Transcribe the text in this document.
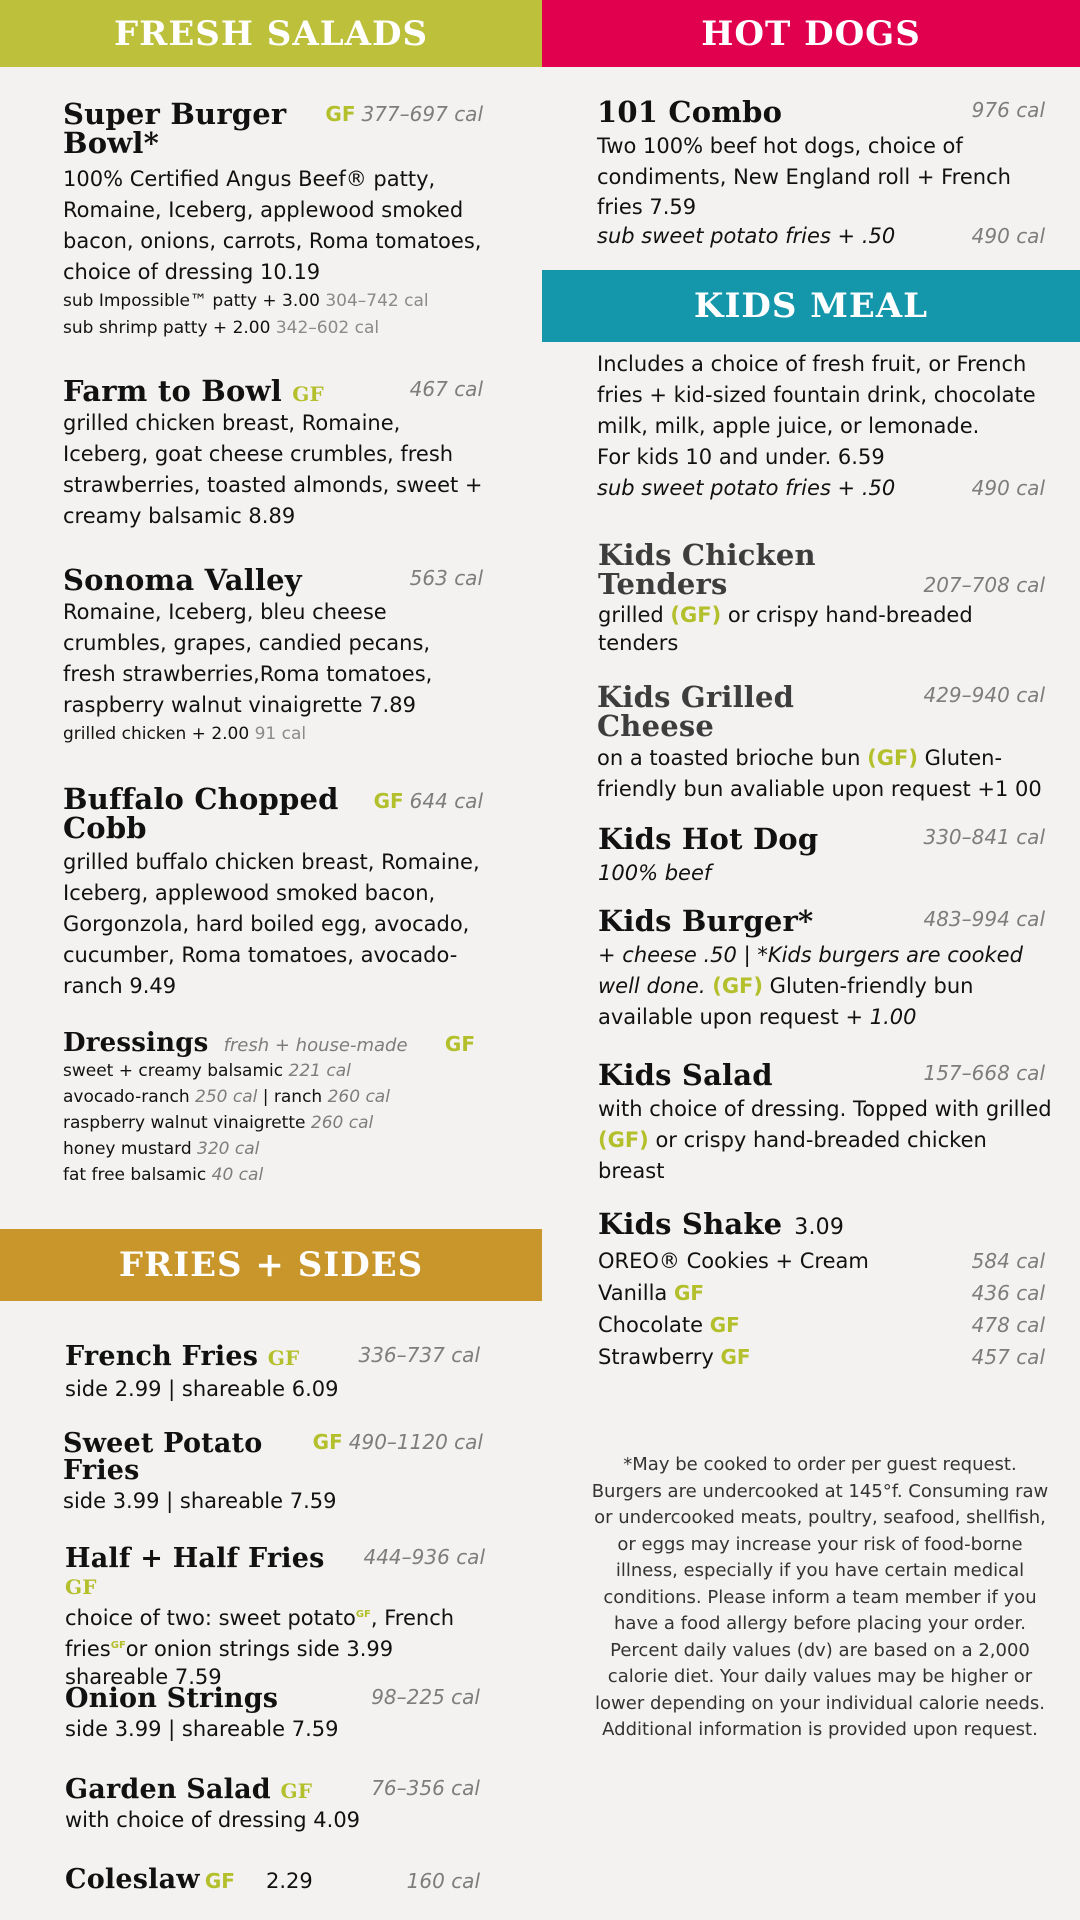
FRESH SALADS	HOT DOGS
KIDS MEAL
FRIES + SIDES
Super Burger
Bowl*
GF 377–697 cal
100% Certified Angus Beef® patty,
Romaine, Iceberg, applewood smoked
bacon, onions, carrots, Roma tomatoes,
choice of dressing 10.19
sub Impossible™ patty + 3.00 304–742 cal
sub shrimp patty + 2.00 342–602 cal
Farm to Bowl GF	467 cal
grilled chicken breast, Romaine,
Iceberg, goat cheese crumbles, fresh
strawberries, toasted almonds, sweet +
creamy balsamic 8.89
Sonoma Valley	563 cal
Romaine, Iceberg, bleu cheese
crumbles, grapes, candied pecans,
fresh strawberries,Roma tomatoes,
raspberry walnut vinaigrette 7.89
grilled chicken + 2.00 91 cal
Buffalo Chopped
Cobb
GF 644 cal
grilled buffalo chicken breast, Romaine,
Iceberg, applewood smoked bacon,
Gorgonzola, hard boiled egg, avocado,
cucumber, Roma tomatoes, avocado-
ranch 9.49
Dressings fresh + house-made GF
sweet + creamy balsamic 221 cal
avocado-ranch 250 cal | ranch 260 cal
raspberry walnut vinaigrette 260 cal
honey mustard 320 cal
fat free balsamic 40 cal
French Fries GF	336–737 cal
side 2.99 | shareable 6.09
Sweet Potato
Fries
GF 490–1120 cal
side 3.99 | shareable 7.59
Half + Half Fries GF
444–936 cal
choice of two: sweet potato$^{GF}$, French
fries$^{GF}$or onion strings side 3.99
shareable 7.59
Onion Strings	98–225 cal
side 3.99 | shareable 7.59
Garden Salad GF	76–356 cal
with choice of dressing 4.09
Coleslaw GF 2.29	160 cal
101 Combo	976 cal
Two 100% beef hot dogs, choice of
condiments, New England roll + French
fries 7.59
sub sweet potato fries + .50	490 cal
Includes a choice of fresh fruit, or French
fries + kid-sized fountain drink, chocolate
milk, milk, apple juice, or lemonade.
For kids 10 and under. 6.59
sub sweet potato fries + .50	490 cal
Kids Chicken
Tenders	207–708 cal
grilled (GF) or crispy hand-breaded
tenders
Kids Grilled
Cheese
429–940 cal
on a toasted brioche bun (GF) Gluten-
friendly bun avaliable upon request +1 00
Kids Hot Dog	330–841 cal
100% beef
Kids Burger*	483–994 cal
+ cheese .50 | *Kids burgers are cooked
well done. (GF) Gluten-friendly bun
available upon request + 1.00
Kids Salad	157–668 cal
with choice of dressing. Topped with grilled
(GF) or crispy hand-breaded chicken breast
Kids Shake 3.09
OREO® Cookies + Cream	584 cal
Vanilla GF	436 cal
Chocolate GF	478 cal
Strawberry GF	457 cal
*May be cooked to order per guest request. Burgers are undercooked at 145°f. Consuming raw or undercooked meats, poultry, seafood, shellfish, or eggs may increase your risk of food-borne illness, especially if you have certain medical conditions. Please inform a team member if you have a food allergy before placing your order. Percent daily values (dv) are based on a 2,000 calorie diet. Your daily values may be higher or lower depending on your individual calorie needs. Additional information is provided upon request.
